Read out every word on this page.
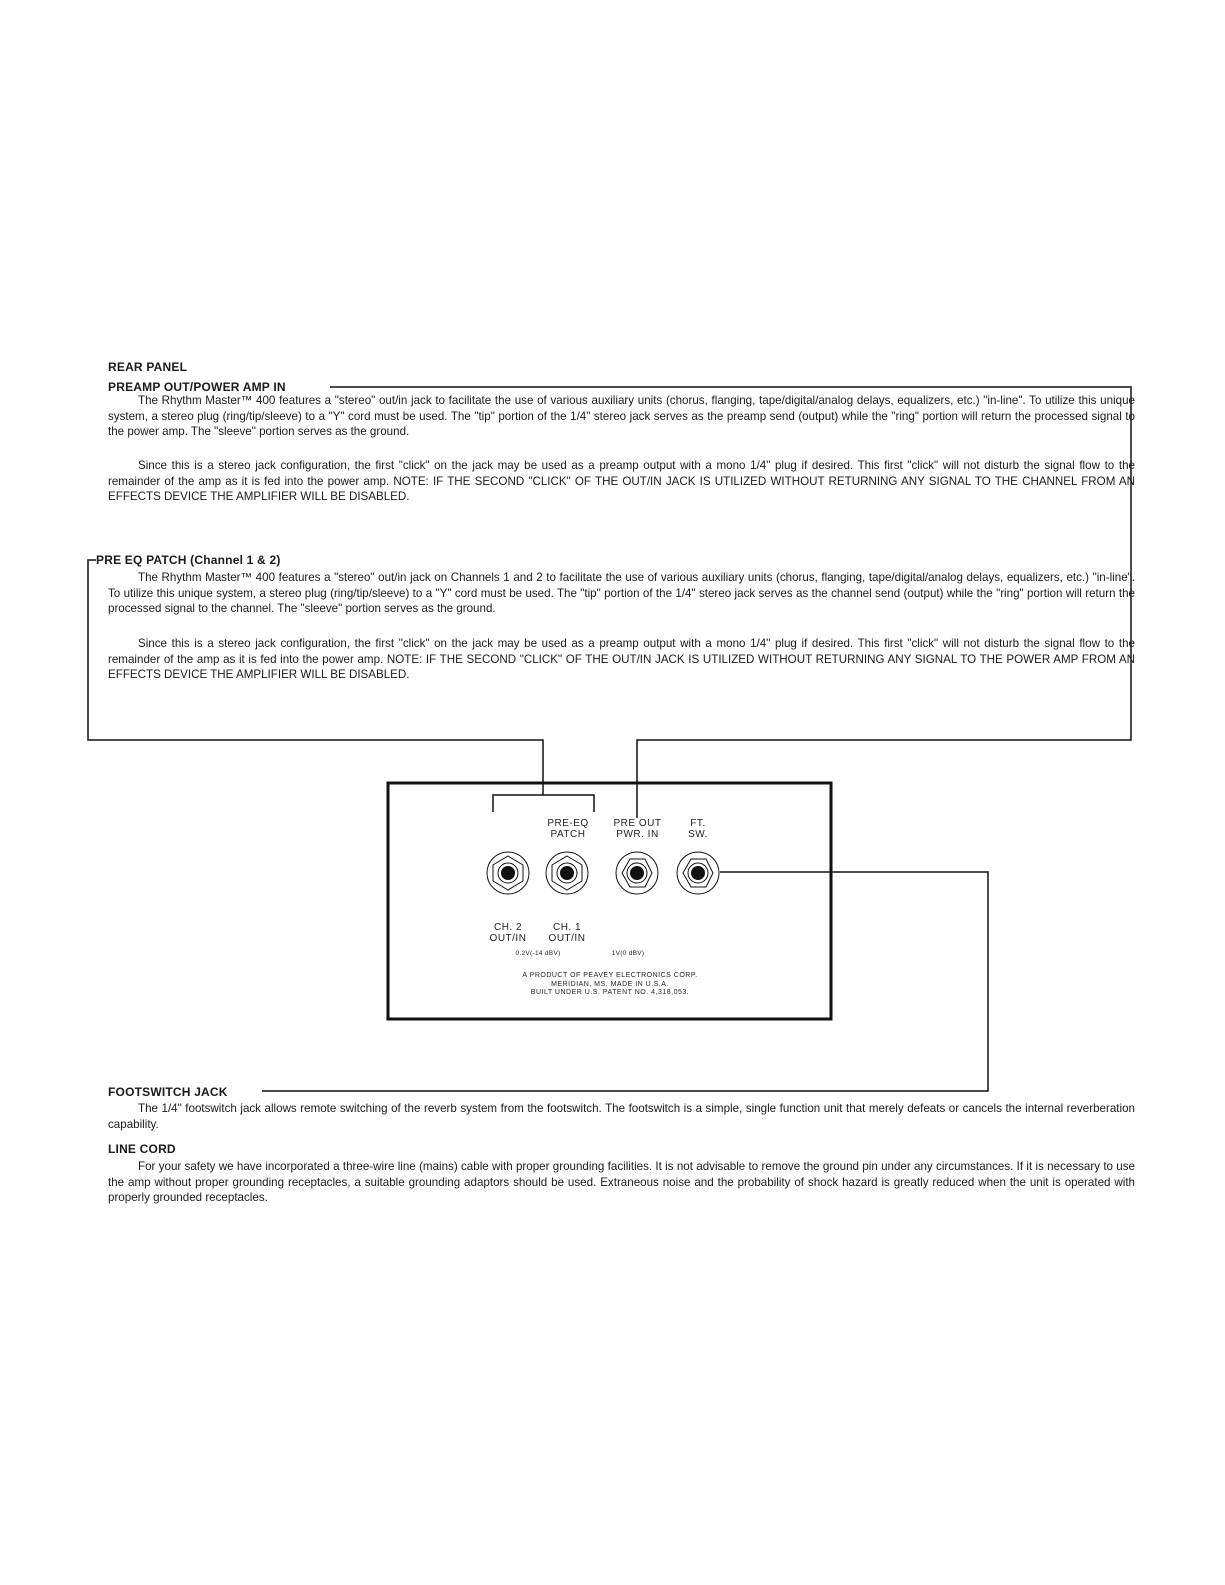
REAR PANEL
PREAMP OUT/POWER AMP IN

The Rhythm Master™ 400 features a "stereo" out/in jack to facilitate the use of various auxiliary units (chorus, flanging, tape/digital/analog delays, equalizers, etc.) "in-line". To utilize this unique system, a stereo plug (ring/tip/sleeve) to a "Y" cord must be used. The "tip" portion of the 1/4" stereo jack serves as the preamp send (output) while the "ring" portion will return the processed signal to the power amp. The "sleeve" portion serves as the ground.

Since this is a stereo jack configuration, the first "click" on the jack may be used as a preamp output with a mono 1/4" plug if desired. This first "click" will not disturb the signal flow to the remainder of the amp as it is fed into the power amp. NOTE: IF THE SECOND "CLICK" OF THE OUT/IN JACK IS UTILIZED WITHOUT RETURNING ANY SIGNAL TO THE CHANNEL FROM AN EFFECTS DEVICE THE AMPLIFIER WILL BE DISABLED.

PRE EQ PATCH (Channel 1 & 2)

The Rhythm Master™ 400 features a "stereo" out/in jack on Channels 1 and 2 to facilitate the use of various auxiliary units (chorus, flanging, tape/digital/analog delays, equalizers, etc.) "in-line". To utilize this unique system, a stereo plug (ring/tip/sleeve) to a "Y" cord must be used. The "tip" portion of the 1/4" stereo jack serves as the channel send (output) while the "ring" portion will return the processed signal to the channel. The "sleeve" portion serves as the ground.

Since this is a stereo jack configuration, the first "click" on the jack may be used as a preamp output with a mono 1/4" plug if desired. This first "click" will not disturb the signal flow to the remainder of the amp as it is fed into the power amp. NOTE: IF THE SECOND "CLICK" OF THE OUT/IN JACK IS UTILIZED WITHOUT RETURNING ANY SIGNAL TO THE POWER AMP FROM AN EFFECTS DEVICE THE AMPLIFIER WILL BE DISABLED.

PRE-EQ
PATCH
PRE OUT
PWR. IN
FT.
SW.
CH. 2
OUT/IN
CH. 1
OUT/IN
0.2V(-14 dBV)	1V(0 dBV)
A PRODUCT OF PEAVEY ELECTRONICS CORP.
MERIDIAN, MS. MADE IN U.S.A.
BUILT UNDER U.S. PATENT NO. 4,318,053.
FOOTSWITCH JACK

The 1/4" footswitch jack allows remote switching of the reverb system from the footswitch. The footswitch is a simple, single function unit that merely defeats or cancels the internal reverberation capability.

LINE CORD

For your safety we have incorporated a three-wire line (mains) cable with proper grounding facilities. It is not advisable to remove the ground pin under any circumstances. If it is necessary to use the amp without proper grounding receptacles, a suitable grounding adaptors should be used. Extraneous noise and the probability of shock hazard is greatly reduced when the unit is operated with properly grounded receptacles.
